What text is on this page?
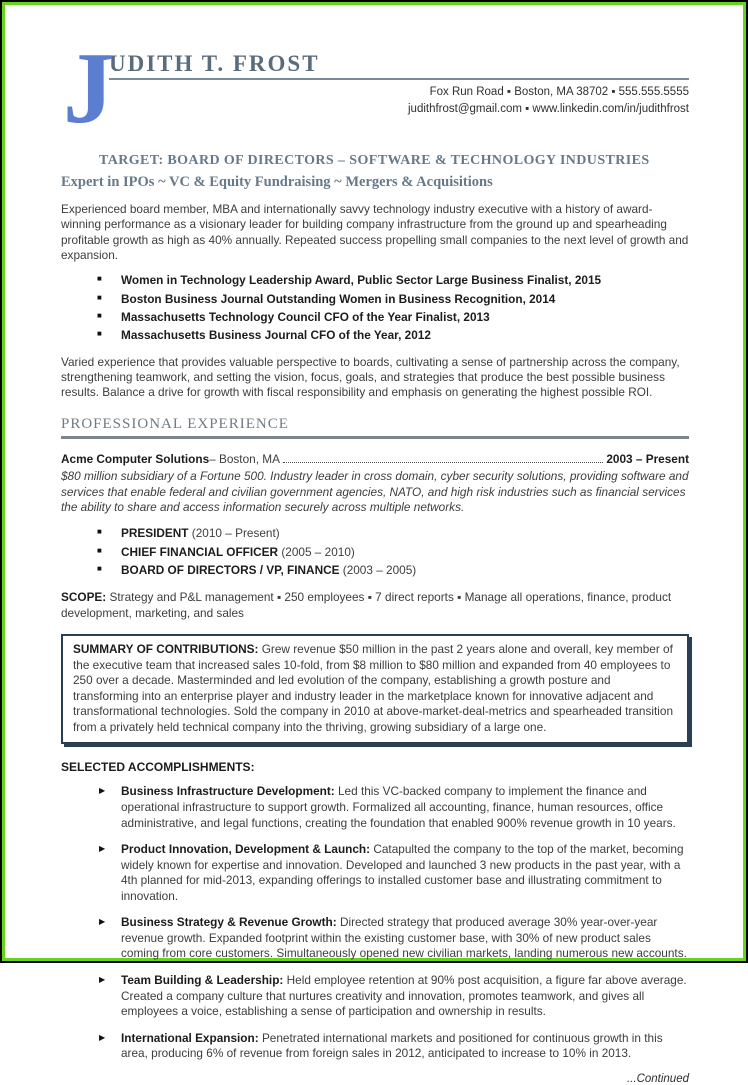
J
UDITH T. FROST
Fox Run Road ▪ Boston, MA 38702 ▪ 555.555.5555
judithfrost@gmail.com ▪ www.linkedin.com/in/judithfrost
TARGET: BOARD OF DIRECTORS – SOFTWARE & TECHNOLOGY INDUSTRIES
Expert in IPOs ~ VC & Equity Fundraising ~ Mergers & Acquisitions
Experienced board member, MBA and internationally savvy technology industry executive with a history of award-winning performance as a visionary leader for building company infrastructure from the ground up and spearheading profitable growth as high as 40% annually. Repeated success propelling small companies to the next level of growth and expansion.
■ Women in Technology Leadership Award, Public Sector Large Business Finalist, 2015
■ Boston Business Journal Outstanding Women in Business Recognition, 2014
■ Massachusetts Technology Council CFO of the Year Finalist, 2013
■ Massachusetts Business Journal CFO of the Year, 2012
Varied experience that provides valuable perspective to boards, cultivating a sense of partnership across the company, strengthening teamwork, and setting the vision, focus, goals, and strategies that produce the best possible business results. Balance a drive for growth with fiscal responsibility and emphasis on generating the highest possible ROI.
PROFESSIONAL EXPERIENCE
Acme Computer Solutions – Boston, MA	2003 – Present
$80 million subsidiary of a Fortune 500. Industry leader in cross domain, cyber security solutions, providing software and services that enable federal and civilian government agencies, NATO, and high risk industries such as financial services the ability to share and access information securely across multiple networks.
■ PRESIDENT (2010 – Present)
■ CHIEF FINANCIAL OFFICER (2005 – 2010)
■ BOARD OF DIRECTORS / VP, FINANCE (2003 – 2005)
SCOPE: Strategy and P&L management ▪ 250 employees ▪ 7 direct reports ▪ Manage all operations, finance, product development, marketing, and sales
SUMMARY OF CONTRIBUTIONS: Grew revenue $50 million in the past 2 years alone and overall, key member of the executive team that increased sales 10-fold, from $8 million to $80 million and expanded from 40 employees to 250 over a decade. Masterminded and led evolution of the company, establishing a growth posture and transforming into an enterprise player and industry leader in the marketplace known for innovative adjacent and transformational technologies. Sold the company in 2010 at above-market-deal-metrics and spearheaded transition from a privately held technical company into the thriving, growing subsidiary of a large one.
SELECTED ACCOMPLISHMENTS:
▶ Business Infrastructure Development: Led this VC-backed company to implement the finance and operational infrastructure to support growth. Formalized all accounting, finance, human resources, office administrative, and legal functions, creating the foundation that enabled 900% revenue growth in 10 years.
▶ Product Innovation, Development & Launch: Catapulted the company to the top of the market, becoming widely known for expertise and innovation. Developed and launched 3 new products in the past year, with a 4th planned for mid-2013, expanding offerings to installed customer base and illustrating commitment to innovation.
▶ Business Strategy & Revenue Growth: Directed strategy that produced average 30% year-over-year revenue growth. Expanded footprint within the existing customer base, with 30% of new product sales coming from core customers. Simultaneously opened new civilian markets, landing numerous new accounts.
▶ Team Building & Leadership: Held employee retention at 90% post acquisition, a figure far above average. Created a company culture that nurtures creativity and innovation, promotes teamwork, and gives all employees a voice, establishing a sense of participation and ownership in results.
▶ International Expansion: Penetrated international markets and positioned for continuous growth in this area, producing 6% of revenue from foreign sales in 2012, anticipated to increase to 10% in 2013.
...Continued
